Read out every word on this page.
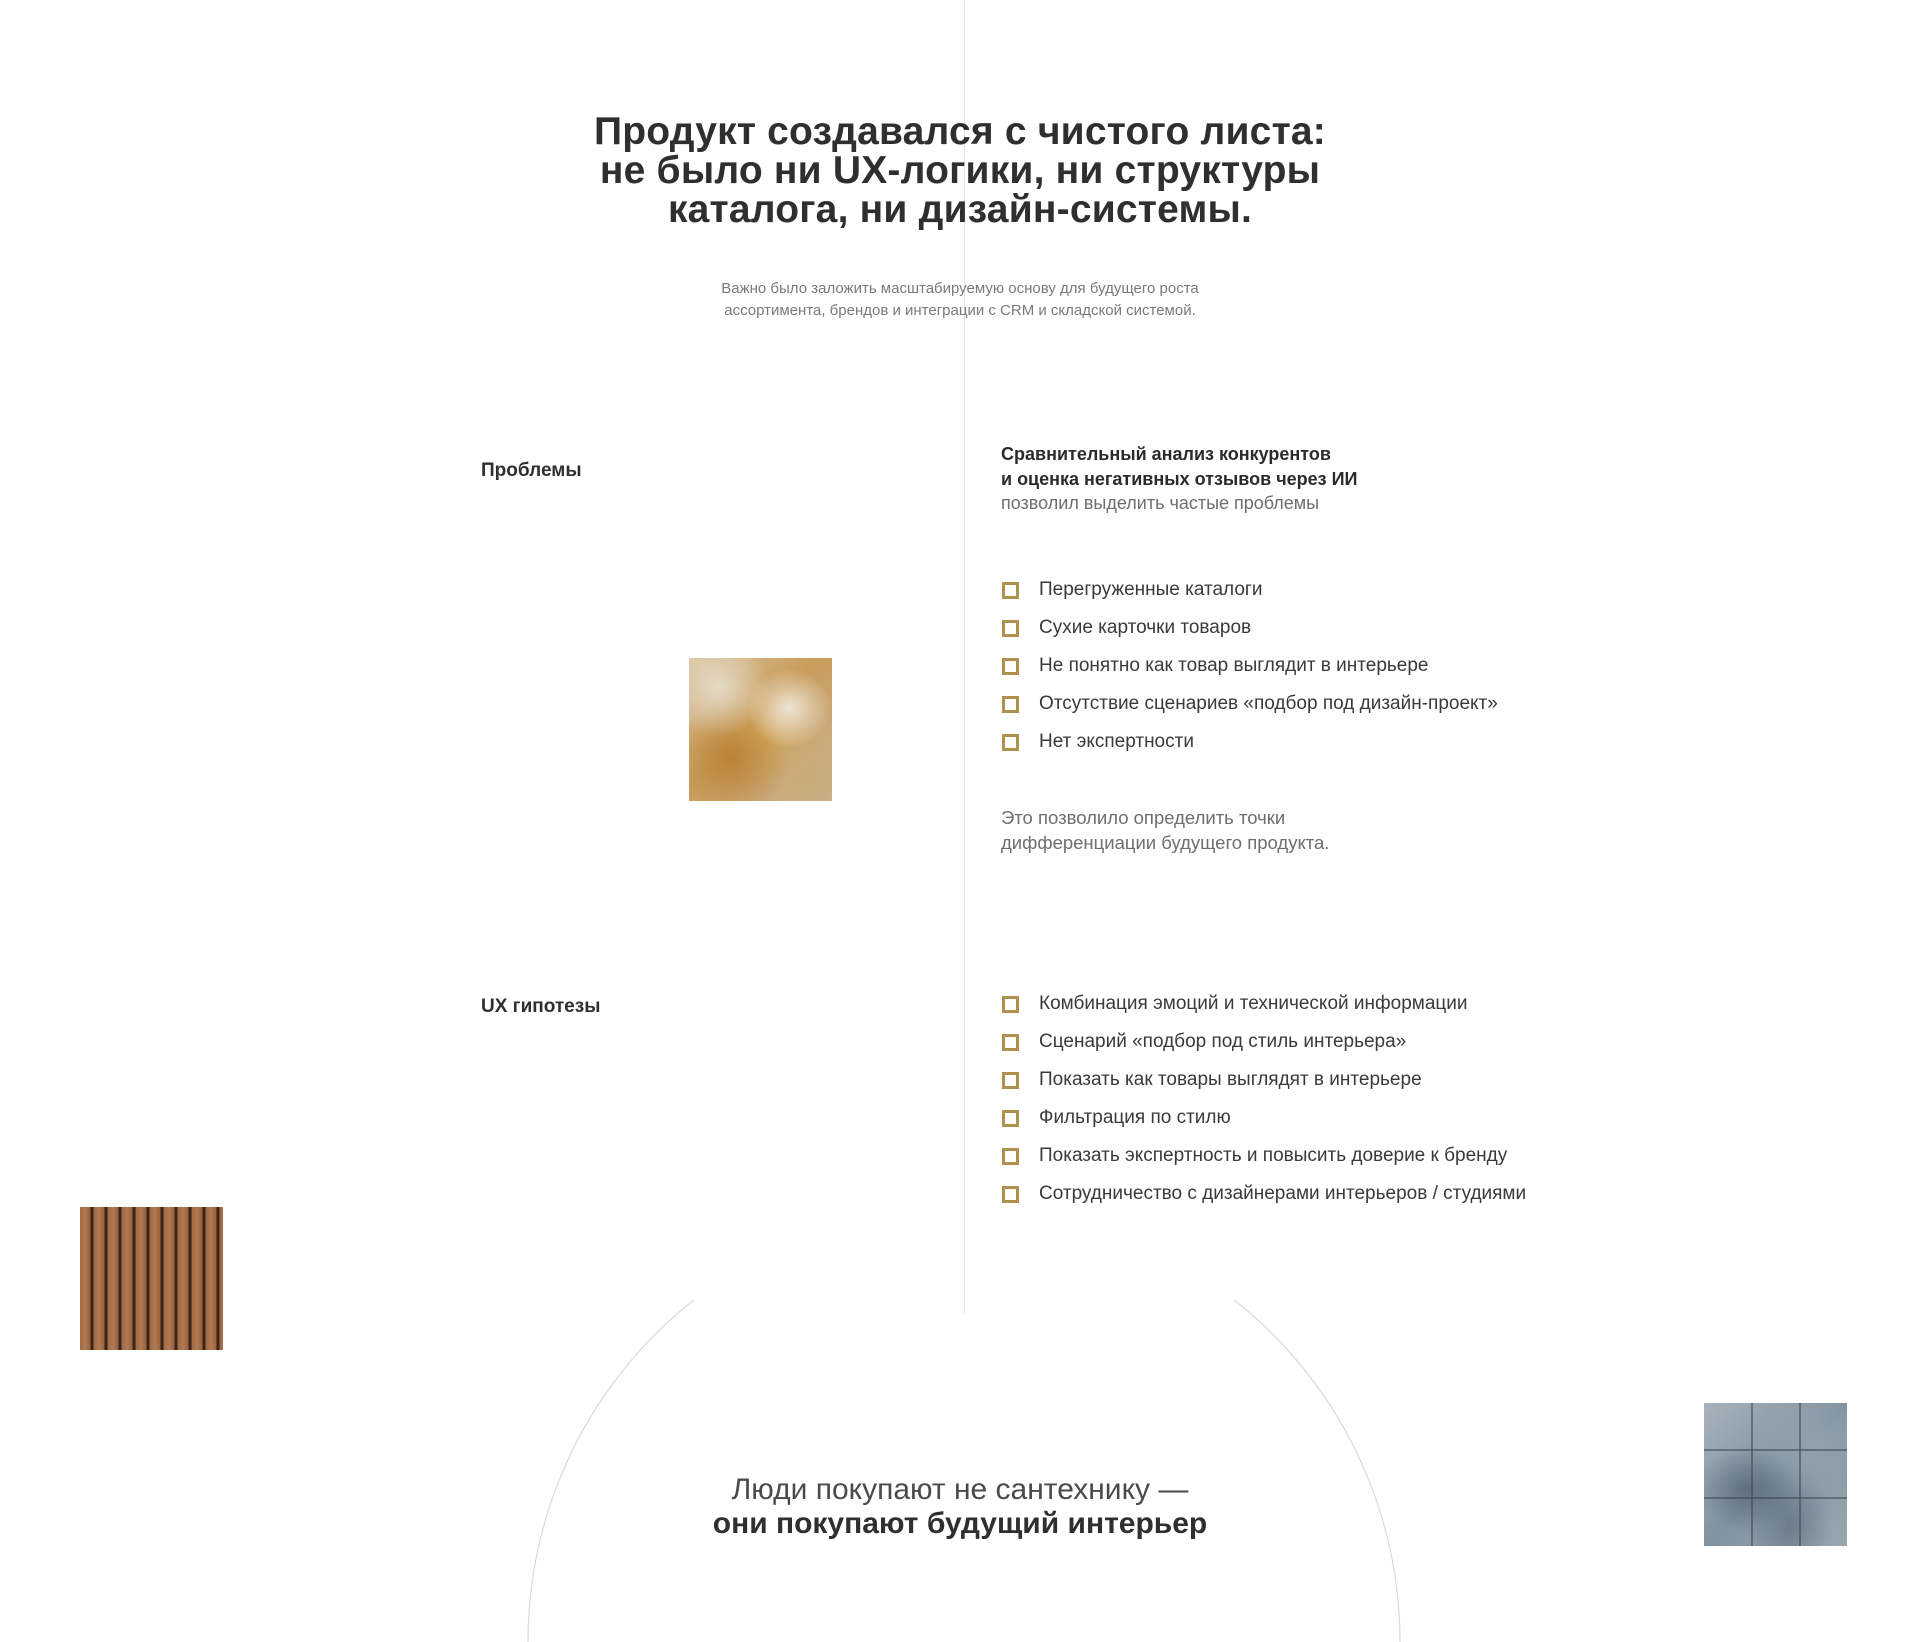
Продукт создавался с чистого листа:
не было ни UX-логики, ни структуры
каталога, ни дизайн-системы.

Важно было заложить масштабируемую основу для будущего роста
ассортимента, брендов и интеграции с CRM и складской системой.

Проблемы
Сравнительный анализ конкурентов
и оценка негативных отзывов через ИИ
позволил выделить частые проблемы
Перегруженные каталоги
Сухие карточки товаров
Не понятно как товар выглядит в интерьере
Отсутствие сценариев «подбор под дизайн-проект»
Нет экспертности

Это позволило определить точки
дифференциации будущего продукта.

UX гипотезы	Комбинация эмоций и технической информации
Сценарий «подбор под стиль интерьера»
Показать как товары выглядят в интерьере
Фильтрация по стилю
Показать экспертность и повысить доверие к бренду
Сотрудничество с дизайнерами интерьеров / студиями

Люди покупают не сантехнику —
они покупают будущий интерьер
